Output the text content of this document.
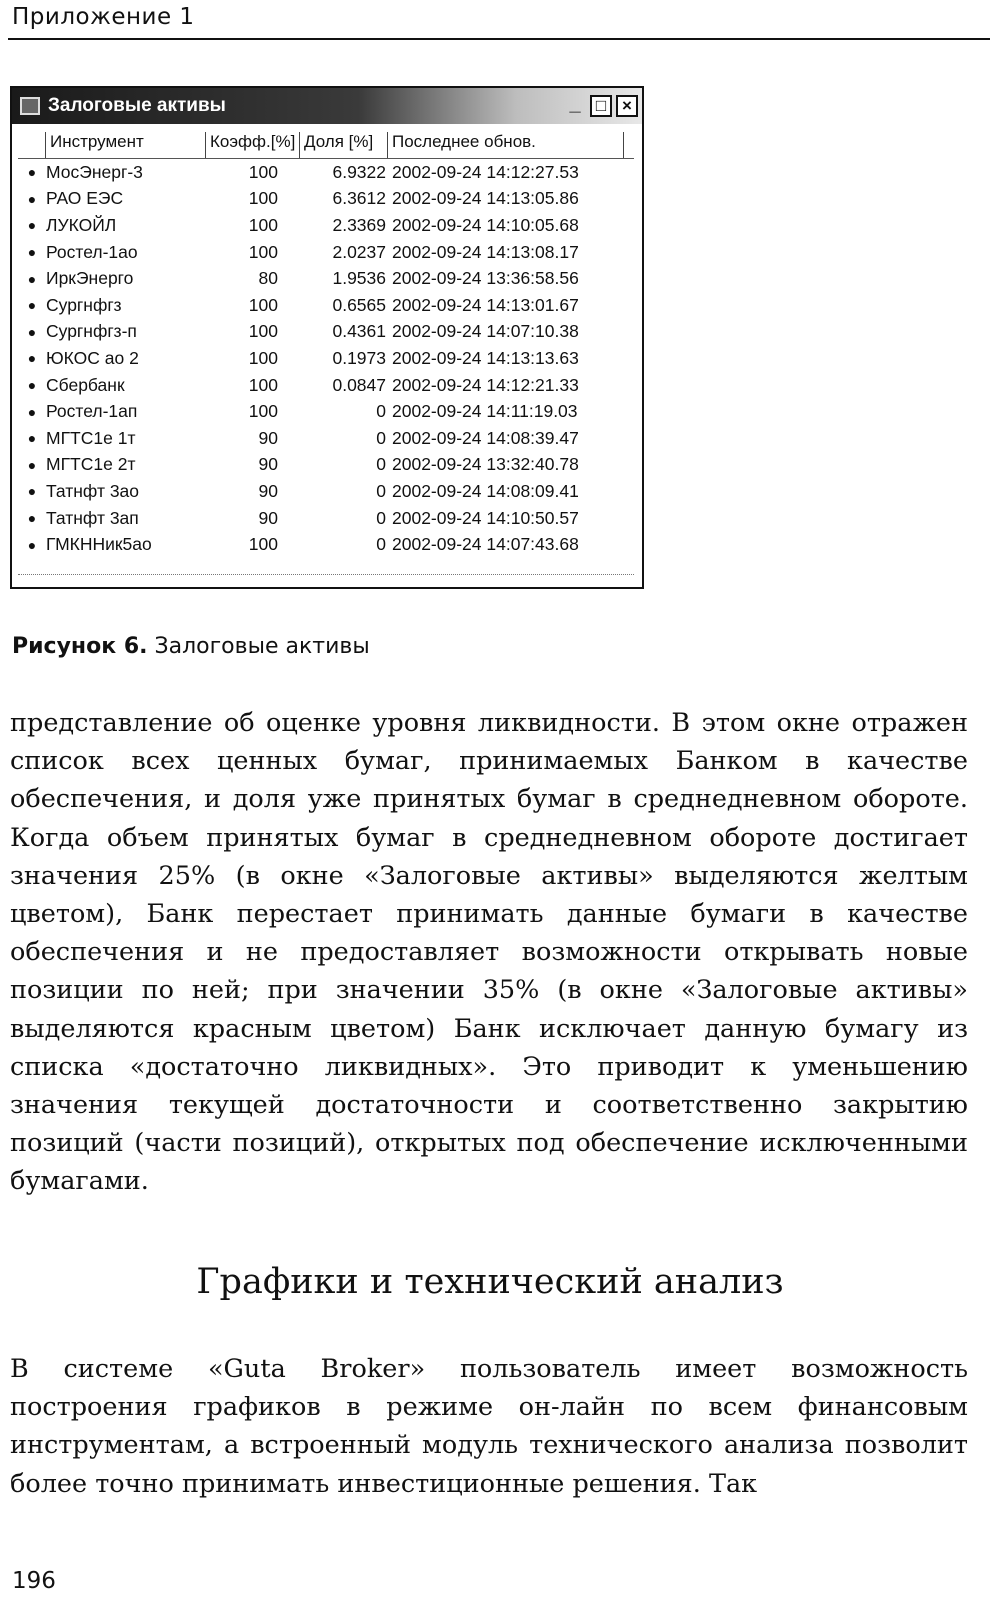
Приложение 1
Залоговые активы	_ □ ×
Инструмент	Коэфф.[%] Доля [%]	Последнее обнов.
● МосЭнерг-3	100	6.9322 2002-09-24 14:12:27.53
● РАО ЕЭС	100	6.3612 2002-09-24 14:13:05.86
● ЛУКОЙЛ	100	2.3369 2002-09-24 14:10:05.68
● Ростел-1ао	100	2.0237 2002-09-24 14:13:08.17
● ИркЭнерго	80	1.9536 2002-09-24 13:36:58.56
● Сургнфгз	100	0.6565 2002-09-24 14:13:01.67
● Сургнфгз-п	100	0.4361 2002-09-24 14:07:10.38
● ЮКОС ао 2	100	0.1973 2002-09-24 14:13:13.63
● Сбербанк	100	0.0847 2002-09-24 14:12:21.33
● Ростел-1ап	100	0 2002-09-24 14:11:19.03
● МГТС1е 1т	90	0 2002-09-24 14:08:39.47
● МГТС1е 2т	90	0 2002-09-24 13:32:40.78
● Татнфт 3ао	90	0 2002-09-24 14:08:09.41
● Татнфт 3ап	90	0 2002-09-24 14:10:50.57
● ГМКННик5ао	100	0 2002-09-24 14:07:43.68
Рисунок 6. Залоговые активы

представление об оценке уровня ликвидности. В этом окне отражен список всех ценных бумаг, принимаемых Банком в качестве обеспечения, и доля уже принятых бумаг в среднедневном обороте. Когда объем принятых бумаг в среднедневном обороте достигает значения 25% (в окне «Залоговые активы» выделяются желтым цветом), Банк перестает принимать данные бумаги в качестве обеспечения и не предоставляет возможности открывать новые позиции по ней; при значении 35% (в окне «Залоговые активы» выделяются красным цветом) Банк исключает данную бумагу из списка «достаточно ликвидных». Это приводит к уменьшению значения текущей достаточности и соответственно закрытию позиций (части позиций), открытых под обеспечение исключенными бумагами.

Графики и технический анализ

В системе «Guta Broker» пользователь имеет возможность построения графиков в режиме он-лайн по всем финансовым инструментам, а встроенный модуль технического анализа позволит более точно принимать инвестиционные решения. Так

196
